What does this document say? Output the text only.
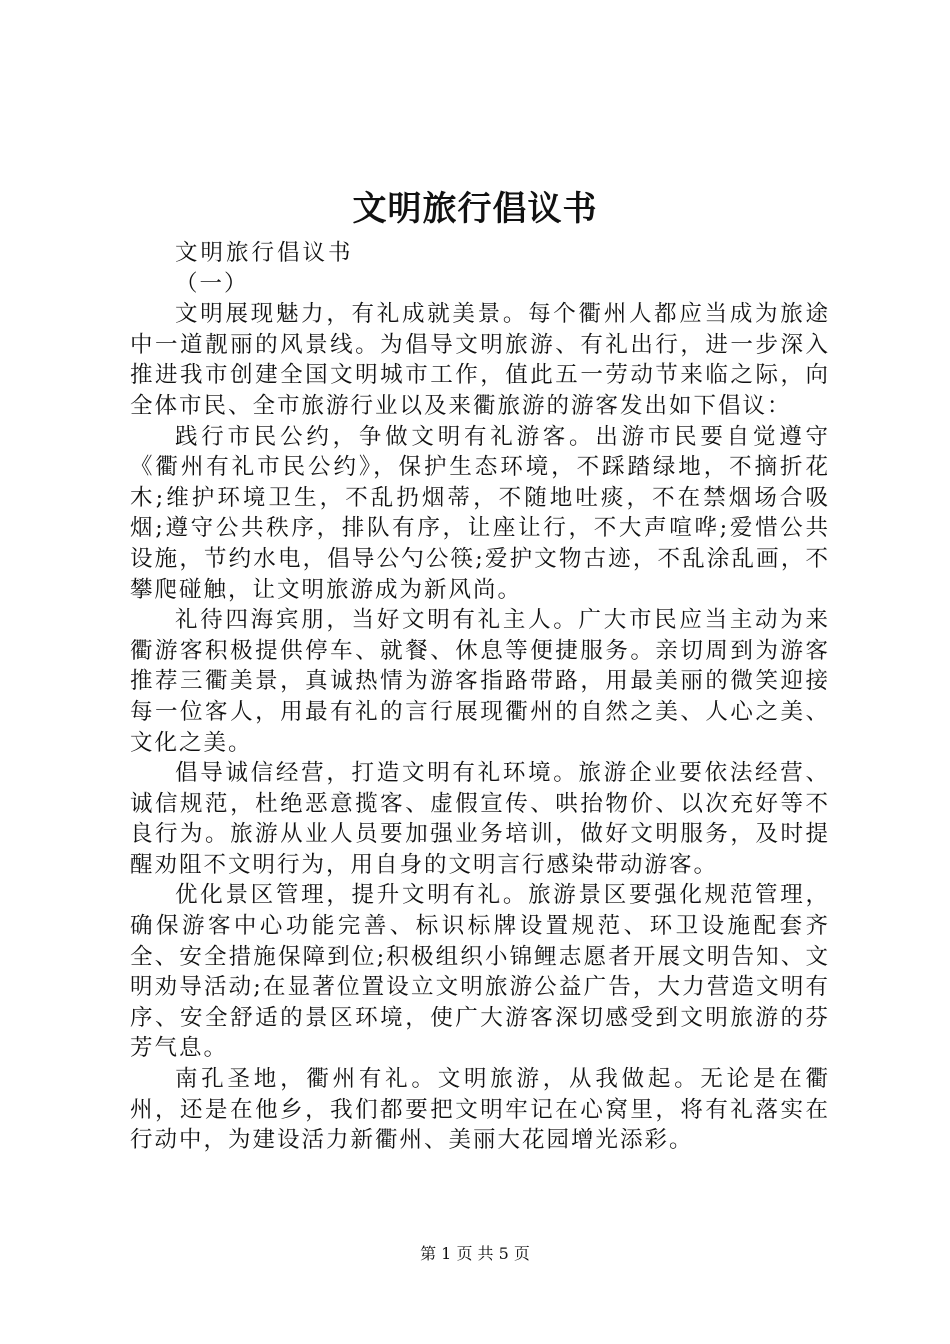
文明旅行倡议书

文明旅行倡议书

（一）

文明展现魅力，有礼成就美景。每个衢州人都应当成为旅途中一道靓丽的风景线。为倡导文明旅游、有礼出行，进一步深入推进我市创建全国文明城市工作，值此五一劳动节来临之际，向全体市民、全市旅游行业以及来衢旅游的游客发出如下倡议：

践行市民公约，争做文明有礼游客。出游市民要自觉遵守《衢州有礼市民公约》，保护生态环境，不踩踏绿地，不摘折花木;维护环境卫生，不乱扔烟蒂，不随地吐痰，不在禁烟场合吸烟;遵守公共秩序，排队有序，让座让行，不大声喧哗;爱惜公共设施，节约水电，倡导公勺公筷;爱护文物古迹，不乱涂乱画，不攀爬碰触，让文明旅游成为新风尚。

礼待四海宾朋，当好文明有礼主人。广大市民应当主动为来衢游客积极提供停车、就餐、休息等便捷服务。亲切周到为游客推荐三衢美景，真诚热情为游客指路带路，用最美丽的微笑迎接每一位客人，用最有礼的言行展现衢州的自然之美、人心之美、文化之美。

倡导诚信经营，打造文明有礼环境。旅游企业要依法经营、诚信规范，杜绝恶意揽客、虚假宣传、哄抬物价、以次充好等不良行为。旅游从业人员要加强业务培训，做好文明服务，及时提醒劝阻不文明行为，用自身的文明言行感染带动游客。

优化景区管理，提升文明有礼。旅游景区要强化规范管理，确保游客中心功能完善、标识标牌设置规范、环卫设施配套齐全、安全措施保障到位;积极组织小锦鲤志愿者开展文明告知、文明劝导活动;在显著位置设立文明旅游公益广告，大力营造文明有序、安全舒适的景区环境，使广大游客深切感受到文明旅游的芬芳气息。

南孔圣地，衢州有礼。文明旅游，从我做起。无论是在衢州，还是在他乡，我们都要把文明牢记在心窝里，将有礼落实在行动中，为建设活力新衢州、美丽大花园增光添彩。

第 1 页 共 5 页
